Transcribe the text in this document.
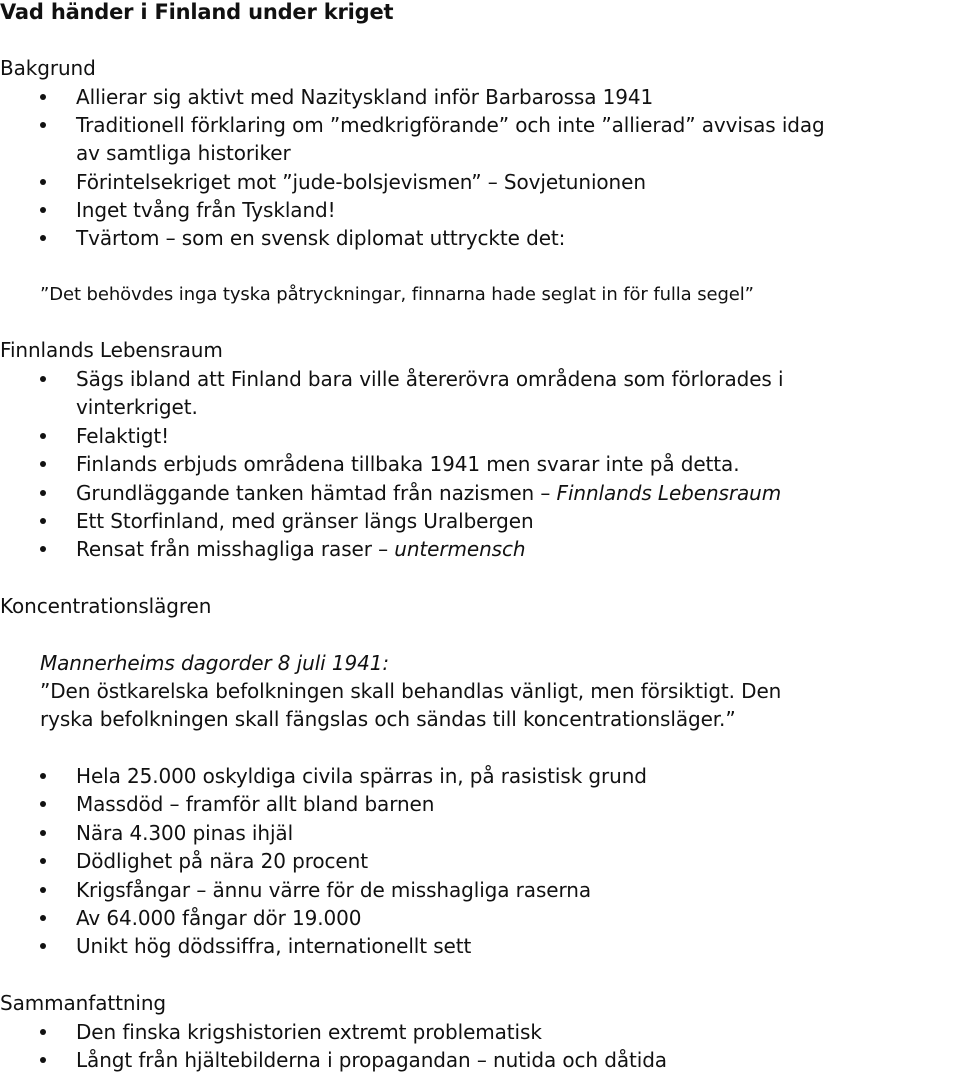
Vad händer i Finland under kriget
Bakgrund
Allierar sig aktivt med Nazityskland inför Barbarossa 1941
Traditionell förklaring om ”medkrigförande” och inte ”allierad” avvisas idag
av samtliga historiker
Förintelsekriget mot ”jude-bolsjevismen” – Sovjetunionen
Inget tvång från Tyskland!
Tvärtom – som en svensk diplomat uttryckte det:
”Det behövdes inga tyska påtryckningar, finnarna hade seglat in för fulla segel”
Finnlands Lebensraum
Sägs ibland att Finland bara ville återerövra områdena som förlorades i
vinterkriget.
Felaktigt!
Finlands erbjuds områdena tillbaka 1941 men svarar inte på detta.
Grundläggande tanken hämtad från nazismen – Finnlands Lebensraum
Ett Storfinland, med gränser längs Uralbergen
Rensat från misshagliga raser – untermensch
Koncentrationslägren
Mannerheims dagorder 8 juli 1941:
”Den östkarelska befolkningen skall behandlas vänligt, men försiktigt. Den
ryska befolkningen skall fängslas och sändas till koncentrationsläger.”
Hela 25.000 oskyldiga civila spärras in, på rasistisk grund
Massdöd – framför allt bland barnen
Nära 4.300 pinas ihjäl
Dödlighet på nära 20 procent
Krigsfångar – ännu värre för de misshagliga raserna
Av 64.000 fångar dör 19.000
Unikt hög dödssiffra, internationellt sett
Sammanfattning
Den finska krigshistorien extremt problematisk
Långt från hjältebilderna i propagandan – nutida och dåtida
